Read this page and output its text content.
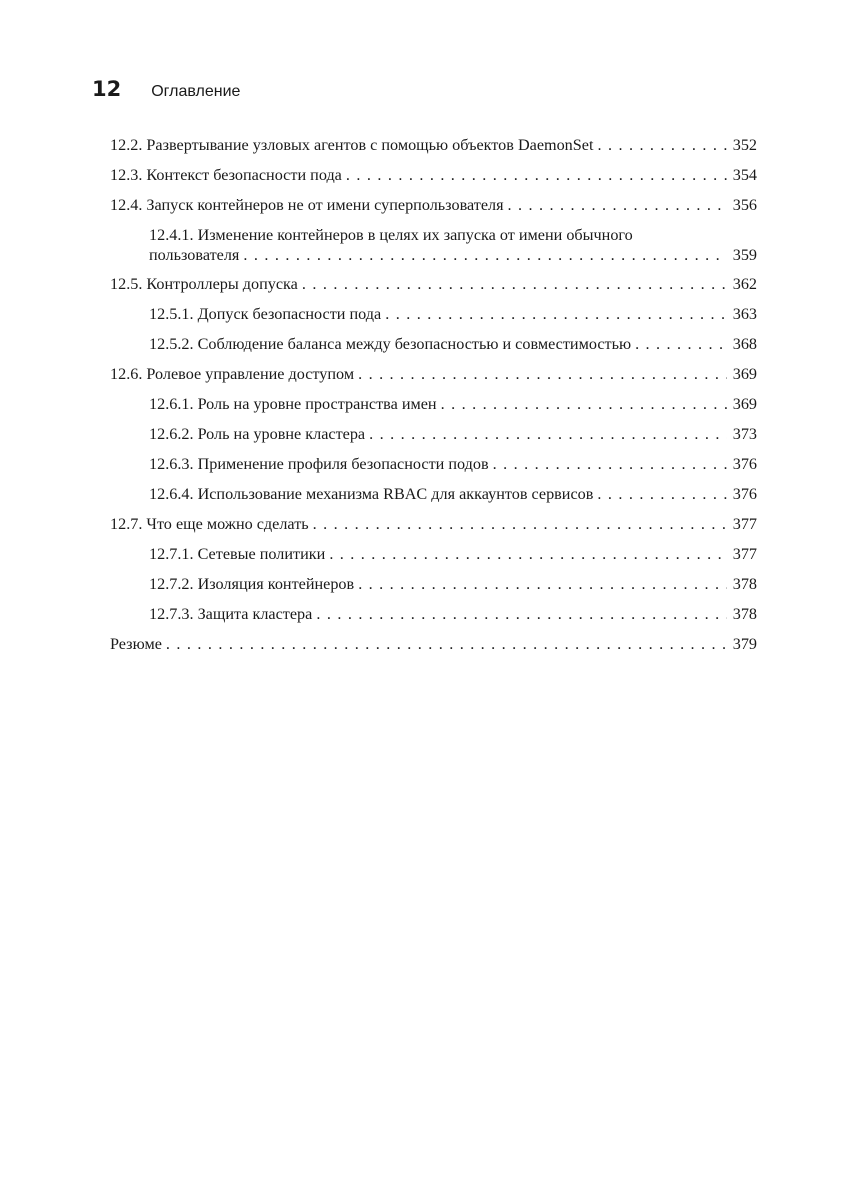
12 Оглавление
12.2. Развертывание узловых агентов с помощью объектов DaemonSet . . .	352
12.3. Контекст безопасности пода . . .	354
12.4. Запуск контейнеров не от имени суперпользователя . . .	356
12.4.1. Изменение контейнеров в целях их запуска от имени обычного
пользователя . . .	359
12.5. Контроллеры допуска . . .	362
12.5.1. Допуск безопасности пода . . .	363
12.5.2. Соблюдение баланса между безопасностью и совместимостью . . .	368
12.6. Ролевое управление доступом . . .	369
12.6.1. Роль на уровне пространства имен . . .	369
12.6.2. Роль на уровне кластера . . .	373
12.6.3. Применение профиля безопасности подов . . .	376
12.6.4. Использование механизма RBAC для аккаунтов сервисов . . .	376
12.7. Что еще можно сделать . . .	377
12.7.1. Сетевые политики . . .	377
12.7.2. Изоляция контейнеров . . .	378
12.7.3. Защита кластера . . .	378
Резюме . . .	379
